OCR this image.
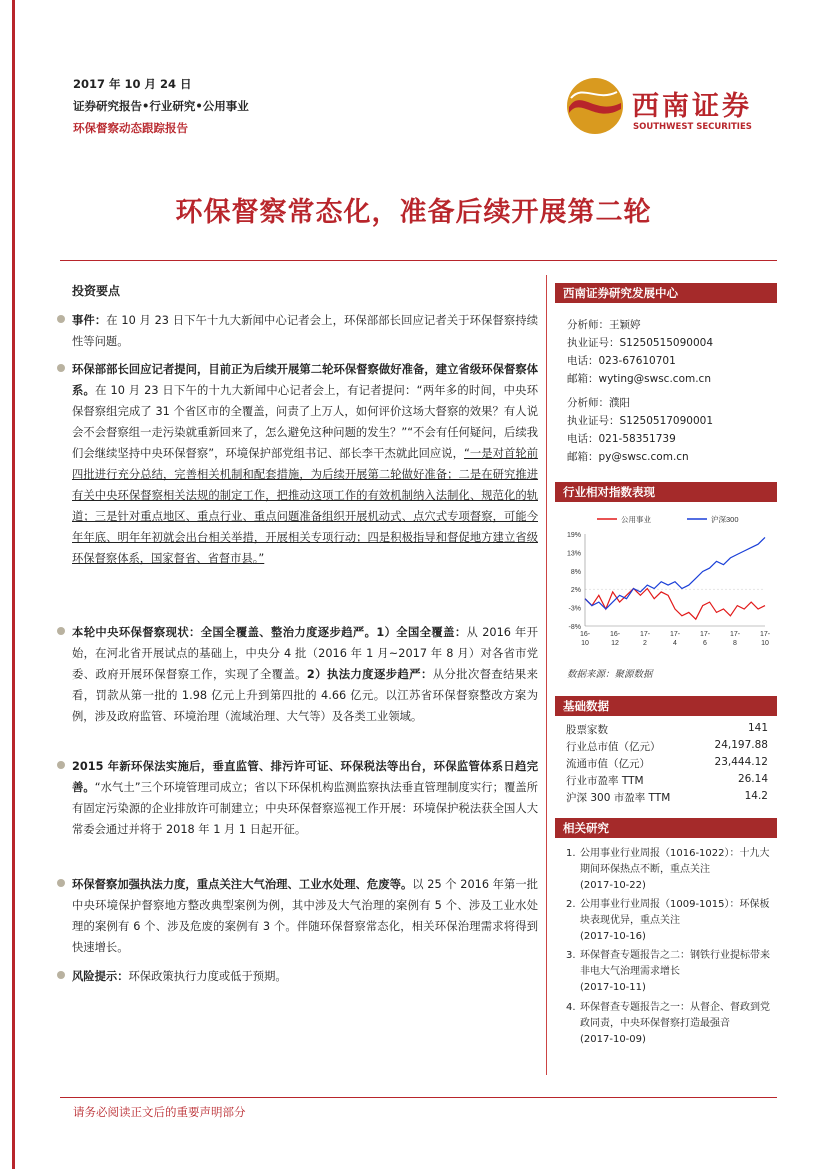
2017 年 10 月 24 日
证券研究报告•行业研究•公用事业
环保督察动态跟踪报告
西南证券
SOUTHWEST SECURITIES
环保督察常态化，准备后续开展第二轮
投资要点
事件：在 10 月 23 日下午十九大新闻中心记者会上，环保部部长回应记者关于环保督察持续性等问题。
环保部部长回应记者提问，目前正为后续开展第二轮环保督察做好准备，建立省级环保督察体系。在 10 月 23 日下午的十九大新闻中心记者会上，有记者提问：“两年多的时间，中央环保督察组完成了 31 个省区市的全覆盖，问责了上万人，如何评价这场大督察的效果？有人说会不会督察组一走污染就重新回来了，怎么避免这种问题的发生？”“不会有任何疑问，后续我们会继续坚持中央环保督察”，环境保护部党组书记、部长李干杰就此回应说，“一是对首轮前四批进行充分总结，完善相关机制和配套措施，为后续开展第二轮做好准备；二是在研究推进有关中央环保督察相关法规的制定工作，把推动这项工作的有效机制纳入法制化、规范化的轨道；三是针对重点地区、重点行业、重点问题准备组织开展机动式、点穴式专项督察，可能今年年底、明年年初就会出台相关举措，开展相关专项行动；四是积极指导和督促地方建立省级环保督察体系，国家督省、省督市县。”
本轮中央环保督察现状：全国全覆盖、整治力度逐步趋严。1）全国全覆盖：从 2016 年开始，在河北省开展试点的基础上，中央分 4 批（2016 年 1 月~2017 年 8 月）对各省市党委、政府开展环保督察工作，实现了全覆盖。2）执法力度逐步趋严：从分批次督查结果来看，罚款从第一批的 1.98 亿元上升到第四批的 4.66 亿元。以江苏省环保督察整改方案为例，涉及政府监管、环境治理（流域治理、大气等）及各类工业领域。
2015 年新环保法实施后，垂直监管、排污许可证、环保税法等出台，环保监管体系日趋完善。“水气土”三个环境管理司成立；省以下环保机构监测监察执法垂直管理制度实行；覆盖所有固定污染源的企业排放许可制建立；中央环保督察巡视工作开展：环境保护税法获全国人大常委会通过并将于 2018 年 1 月 1 日起开征。
环保督察加强执法力度，重点关注大气治理、工业水处理、危废等。以 25 个 2016 年第一批中央环境保护督察地方整改典型案例为例，其中涉及大气治理的案例有 5 个、涉及工业水处理的案例有 6 个、涉及危废的案例有 3 个。伴随环保督察常态化，相关环保治理需求将得到快速增长。
风险提示：环保政策执行力度或低于预期。
西南证券研究发展中心
分析师：王颖婷
执业证号：S1250515090004
电话：023-67610701
邮箱：wyting@swsc.com.cn
分析师：濮阳
执业证号：S1250517090001
电话：021-58351739
邮箱：py@swsc.com.cn
行业相对指数表现
19%
13%
8%
2%
-3%
-8%
16-10
16-12
17-2
17-4
17-6
17-8
17-10
公用事业	沪深300
数据来源：聚源数据
基础数据
股票家数	141
行业总市值（亿元）	24,197.88
流通市值（亿元）	23,444.12
行业市盈率 TTM	26.14
沪深 300 市盈率 TTM	14.2
相关研究
1. 公用事业行业周报（1016-1022）：十九大期间环保热点不断，重点关注
(2017-10-22)
2. 公用事业行业周报（1009-1015）：环保板块表现优异，重点关注
(2017-10-16)
3. 环保督查专题报告之二：钢铁行业提标带来非电大气治理需求增长
(2017-10-11)
4. 环保督查专题报告之一：从督企、督政到党政同责，中央环保督察打造最强音
(2017-10-09)
请务必阅读正文后的重要声明部分
